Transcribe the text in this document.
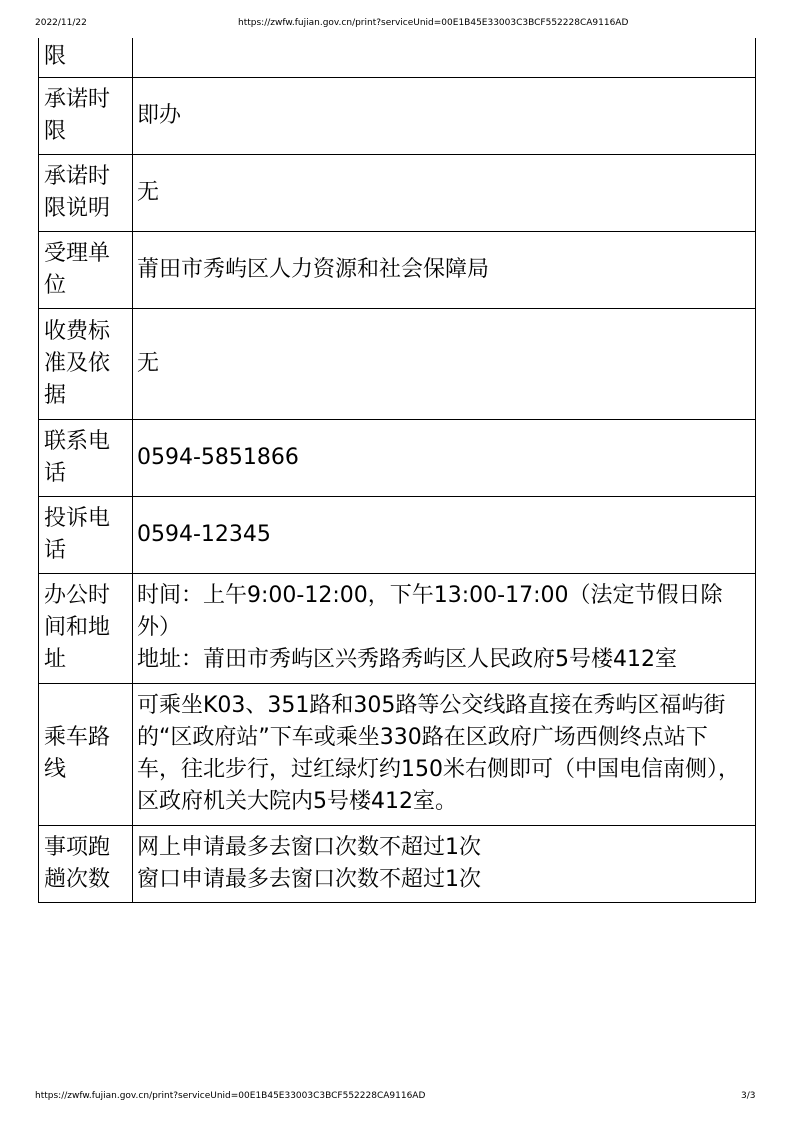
2022/11/22	https://zwfw.fujian.gov.cn/print?serviceUnid=00E1B45E33003C3BCF552228CA9116AD
限	
承诺时限	即办
承诺时限说明	无
受理单位	莆田市秀屿区人力资源和社会保障局
收费标准及依据	无
联系电话	0594-5851866
投诉电话	0594-12345
办公时间和地址	时间：上午9:00-12:00，下午13:00-17:00（法定节假日除外）
地址：莆田市秀屿区兴秀路秀屿区人民政府5号楼412室

乘车路线	可乘坐K03、351路和305路等公交线路直接在秀屿区福屿街的“区政府站”下车或乘坐330路在区政府广场西侧终点站下车，往北步行，过红绿灯约150米右侧即可（中国电信南侧），区政府机关大院内5号楼412室。
事项跑趟次数	网上申请最多去窗口次数不超过1次
窗口申请最多去窗口次数不超过1次
https://zwfw.fujian.gov.cn/print?serviceUnid=00E1B45E33003C3BCF552228CA9116AD	3/3
